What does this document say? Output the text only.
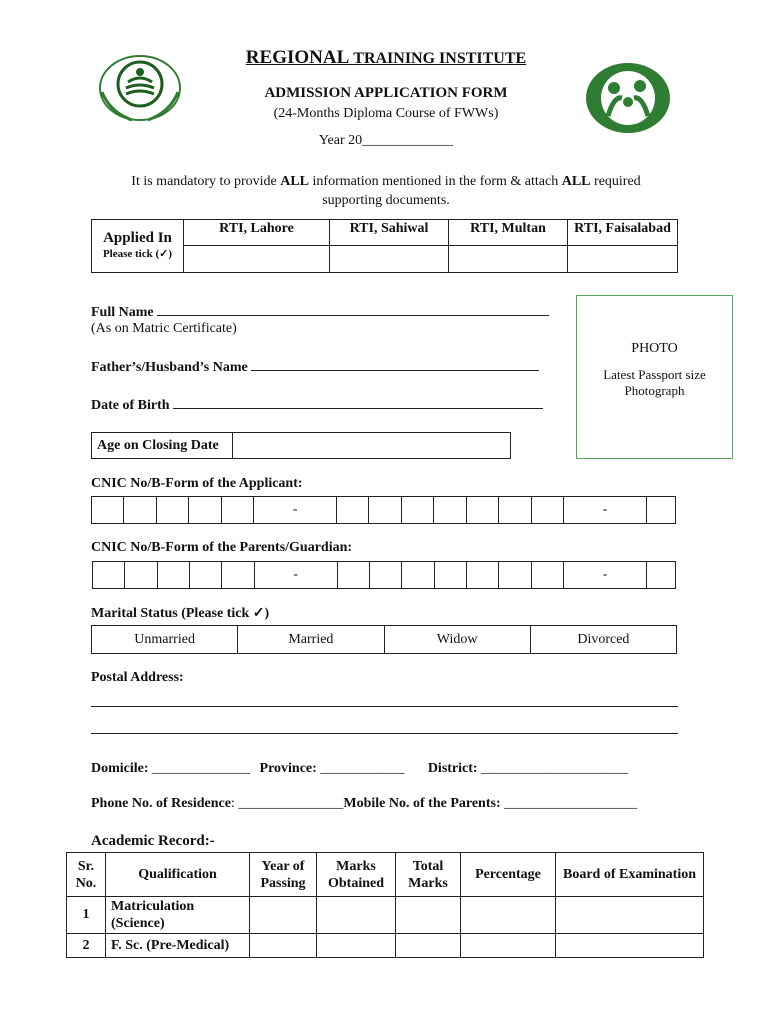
REGIONAL TRAINING INSTITUTE
ADMISSION APPLICATION FORM
(24-Months Diploma Course of FWWs)
Year 20_____________
It is mandatory to provide ALL information mentioned in the form & attach ALL required
supporting documents.
Applied In
Please tick (✓)	RTI, Lahore	RTI, Sahiwal	RTI, Multan	RTI, Faisalabad

Full Name
(As on Matric Certificate)
Father’s/Husband’s Name
Date of Birth
Age on Closing Date	
PHOTO
Latest Passport size
Photograph
CNIC No/B-Form of the Applicant:
					-								-	
CNIC No/B-Form of the Parents/Guardian:
					-								-	
Marital Status (Please tick ✓)
Unmarried	Married	Widow	Divorced
Postal Address:
Domicile: ______________ Province: ____________ District: _____________________
Phone No. of Residence: _______________Mobile No. of the Parents: ___________________
Academic Record:-
Sr. No.	Qualification	Year of Passing	Marks Obtained	Total Marks	Percentage	Board of Examination
1	Matriculation (Science)					
2	F. Sc. (Pre-Medical)					
